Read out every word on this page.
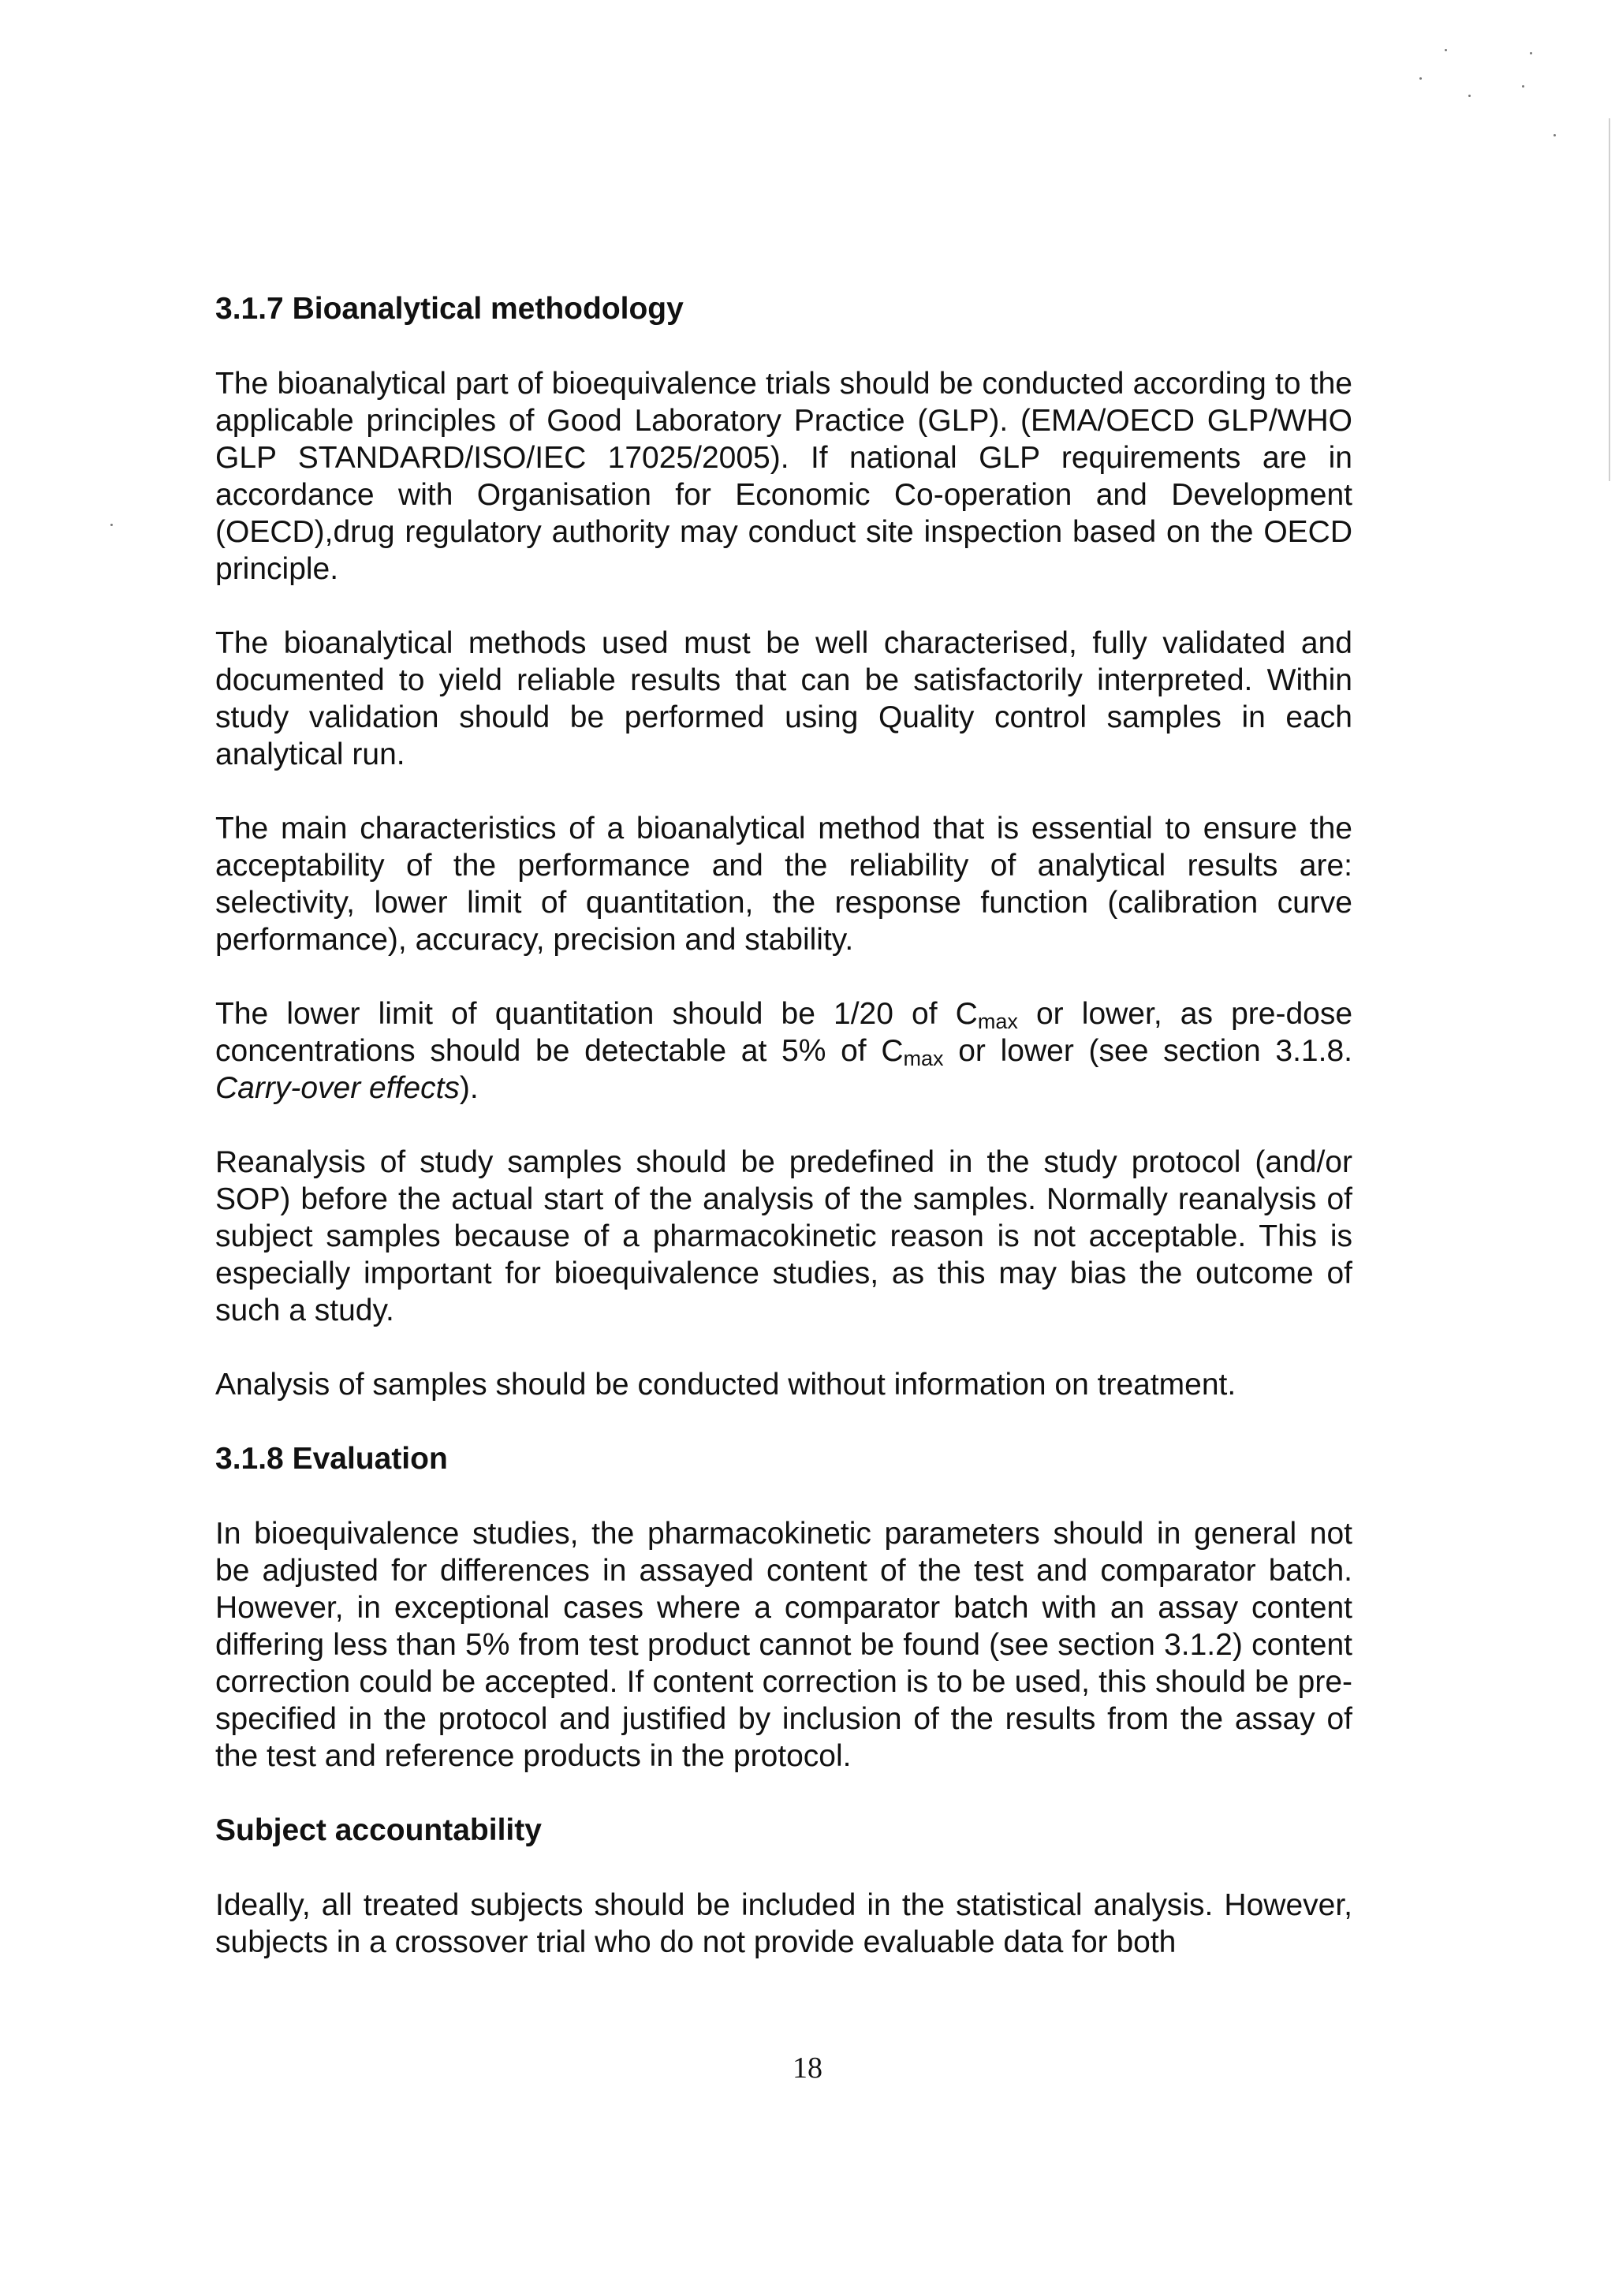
3.1.7 Bioanalytical methodology

The bioanalytical part of bioequivalence trials should be conducted according to the applicable principles of Good Laboratory Practice (GLP). (EMA/OECD GLP/WHO GLP STANDARD/ISO/IEC 17025/2005). If national GLP requirements are in accordance with Organisation for Economic Co-operation and Development (OECD),drug regulatory authority may conduct site inspection based on the OECD principle.

The bioanalytical methods used must be well characterised, fully validated and documented to yield reliable results that can be satisfactorily interpreted. Within study validation should be performed using Quality control samples in each analytical run.

The main characteristics of a bioanalytical method that is essential to ensure the acceptability of the performance and the reliability of analytical results are: selectivity, lower limit of quantitation, the response function (calibration curve performance), accuracy, precision and stability.

The lower limit of quantitation should be 1/20 of $C_{max}$ or lower, as pre-dose concentrations should be detectable at 5% of $C_{max}$ or lower (see section 3.1.8. Carry-over effects).

Reanalysis of study samples should be predefined in the study protocol (and/or SOP) before the actual start of the analysis of the samples. Normally reanalysis of subject samples because of a pharmacokinetic reason is not acceptable. This is especially important for bioequivalence studies, as this may bias the outcome of such a study.

Analysis of samples should be conducted without information on treatment.

3.1.8 Evaluation

In bioequivalence studies, the pharmacokinetic parameters should in general not be adjusted for differences in assayed content of the test and comparator batch. However, in exceptional cases where a comparator batch with an assay content differing less than 5% from test product cannot be found (see section 3.1.2) content correction could be accepted. If content correction is to be used, this should be pre-specified in the protocol and justified by inclusion of the results from the assay of the test and reference products in the protocol.

Subject accountability

Ideally, all treated subjects should be included in the statistical analysis. However, subjects in a crossover trial who do not provide evaluable data for both

18
